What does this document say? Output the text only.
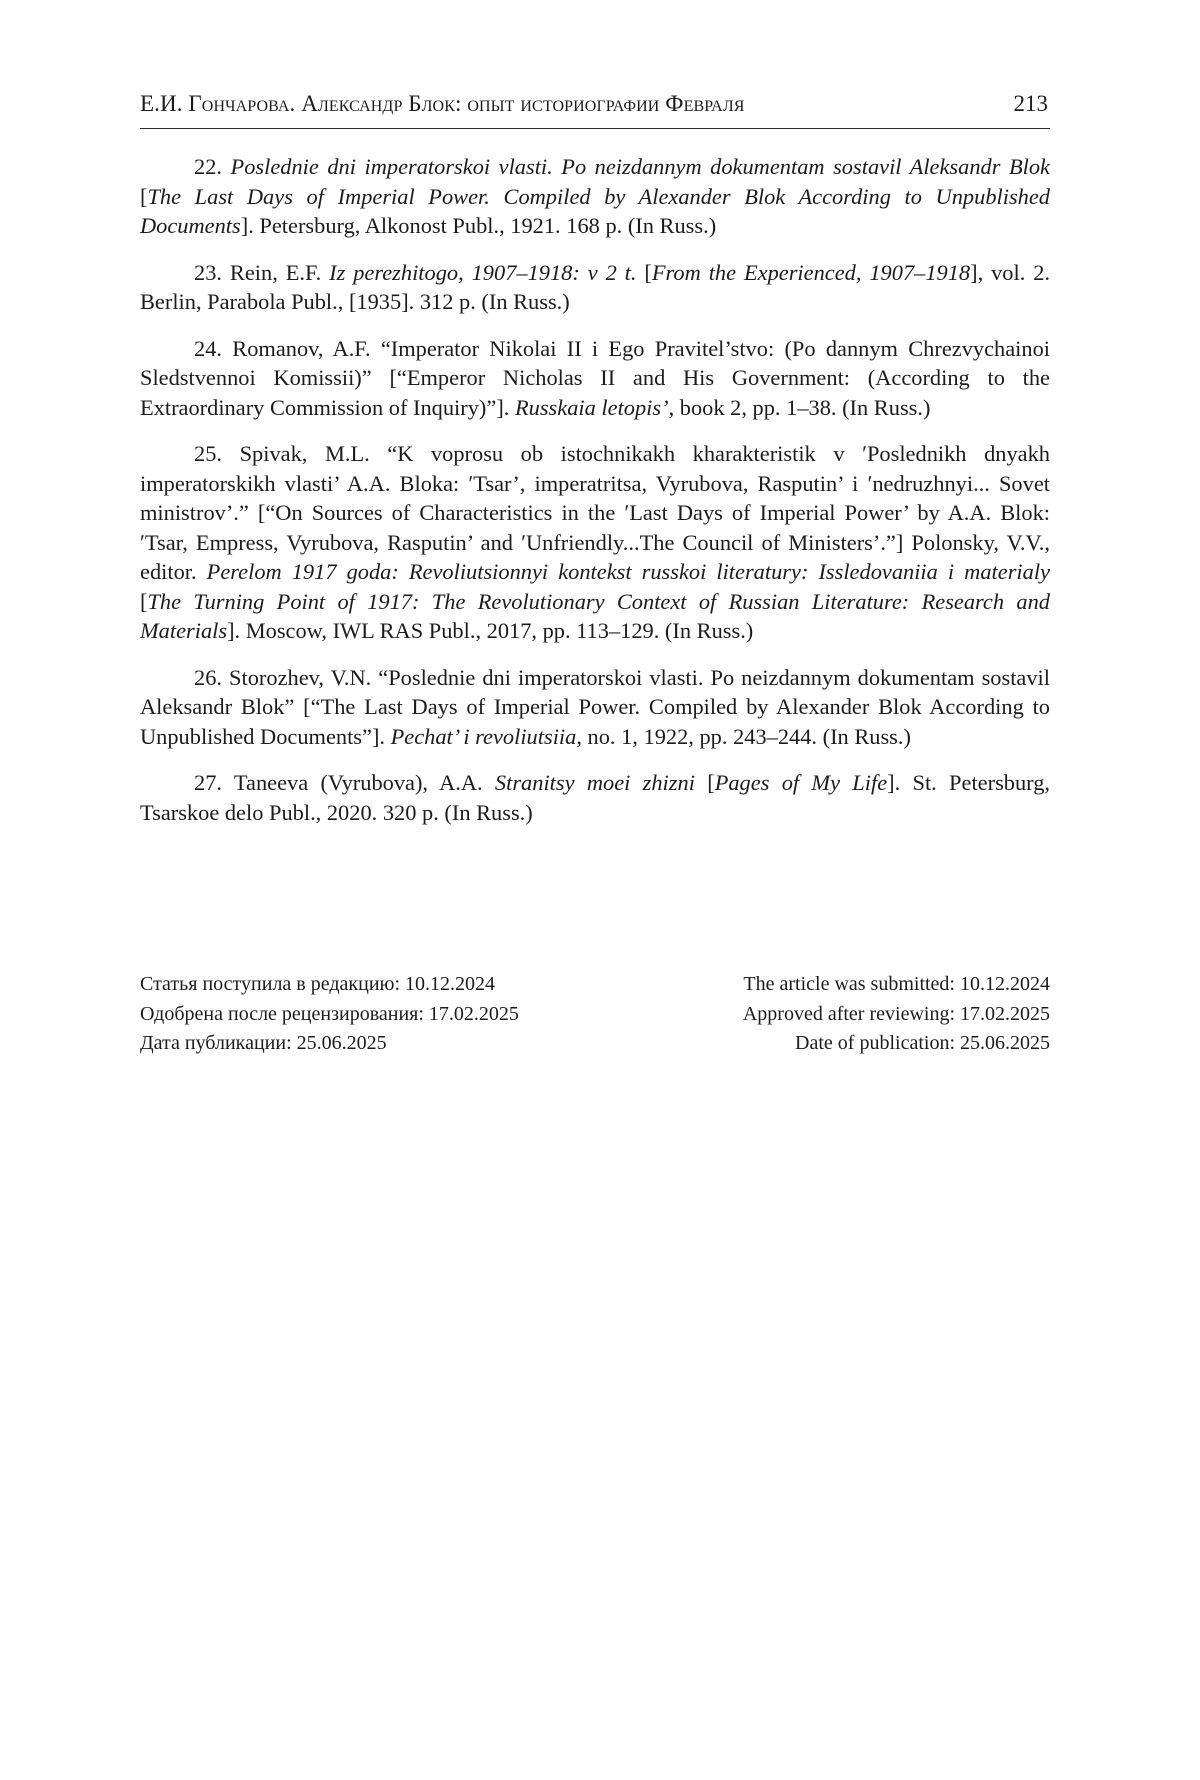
Е.И. Гончарова. Александр Блок: опыт историографии Февраля	213

22. Poslednie dni imperatorskoi vlasti. Po neizdannym dokumentam sostavil Aleksandr Blok [The Last Days of Imperial Power. Compiled by Alexander Blok According to Unpublished Documents]. Petersburg, Alkonost Publ., 1921. 168 p. (In Russ.)

23. Rein, E.F. Iz perezhitogo, 1907–1918: v 2 t. [From the Experienced, 1907–1918], vol. 2. Berlin, Parabola Publ., [1935]. 312 p. (In Russ.)

24. Romanov, A.F. “Imperator Nikolai II i Ego Pravitel’stvo: (Po dannym Chrezvychainoi Sledstvennoi Komissii)” [“Emperor Nicholas II and His Government: (According to the Extraordinary Commission of Inquiry)”]. Russkaia letopis’, book 2, pp. 1–38. (In Russ.)

25. Spivak, M.L. “K voprosu ob istochnikakh kharakteristik v ʹPoslednikh dnyakh imperatorskikh vlasti’ A.A. Bloka: ʹTsar’, imperatritsa, Vyrubova, Rasputin’ i ʹnedruzhnyi... Sovet ministrov’.” [“On Sources of Characteristics in the ʹLast Days of Imperial Power’ by A.A. Blok: ʹTsar, Empress, Vyrubova, Rasputin’ and ʹUnfriendly...The Council of Ministers’.”] Polonsky, V.V., editor. Perelom 1917 goda: Revoliutsionnyi kontekst russkoi literatury: Issledovaniia i materialy [The Turning Point of 1917: The Revolutionary Context of Russian Literature: Research and Materials]. Moscow, IWL RAS Publ., 2017, pp. 113–129. (In Russ.)

26. Storozhev, V.N. “Poslednie dni imperatorskoi vlasti. Po neizdannym dokumentam sostavil Aleksandr Blok” [“The Last Days of Imperial Power. Compiled by Alexander Blok According to Unpublished Documents”]. Pechat’ i revoliutsiia, no. 1, 1922, pp. 243–244. (In Russ.)

27. Taneeva (Vyrubova), A.A. Stranitsy moei zhizni [Pages of My Life]. St. Petersburg, Tsarskoe delo Publ., 2020. 320 p. (In Russ.)

Статья поступила в редакцию: 10.12.2024	The article was submitted: 10.12.2024
Одобрена после рецензирования: 17.02.2025	Approved after reviewing: 17.02.2025
Дата публикации: 25.06.2025	Date of publication: 25.06.2025
